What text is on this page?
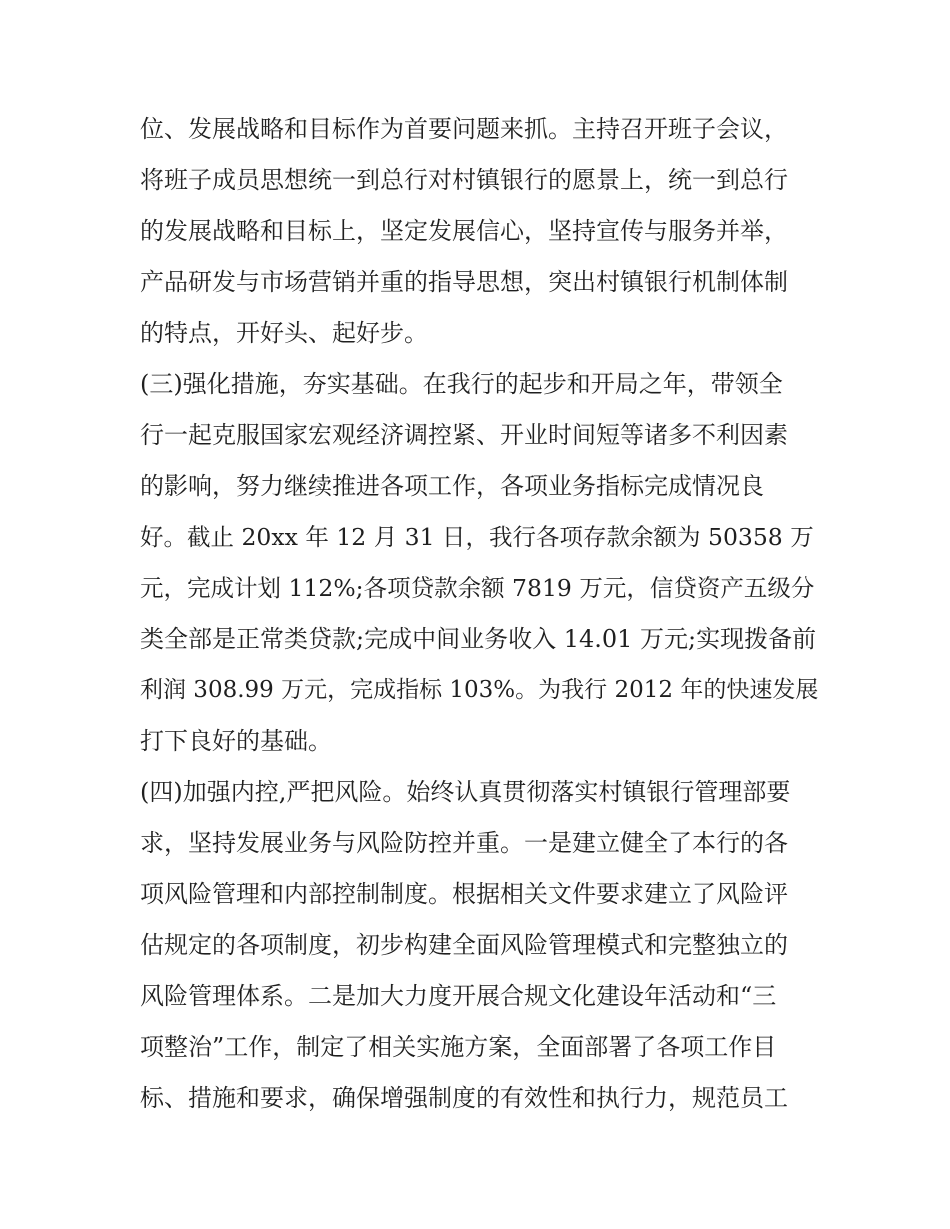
位、发展战略和目标作为首要问题来抓。主持召开班子会议，
将班子成员思想统一到总行对村镇银行的愿景上，统一到总行
的发展战略和目标上，坚定发展信心，坚持宣传与服务并举，
产品研发与市场营销并重的指导思想，突出村镇银行机制体制
的特点，开好头、起好步。
(三)强化措施，夯实基础。在我行的起步和开局之年，带领全
行一起克服国家宏观经济调控紧、开业时间短等诸多不利因素
的影响，努力继续推进各项工作，各项业务指标完成情况良
好。截止 20xx 年 12 月 31 日，我行各项存款余额为 50358 万
元，完成计划 112%;各项贷款余额 7819 万元，信贷资产五级分
类全部是正常类贷款;完成中间业务收入 14.01 万元;实现拨备前
利润 308.99 万元，完成指标 103%。为我行 2012 年的快速发展
打下良好的基础。
(四)加强内控,严把风险。始终认真贯彻落实村镇银行管理部要
求，坚持发展业务与风险防控并重。一是建立健全了本行的各
项风险管理和内部控制制度。根据相关文件要求建立了风险评
估规定的各项制度，初步构建全面风险管理模式和完整独立的
风险管理体系。二是加大力度开展合规文化建设年活动和“三
项整治”工作，制定了相关实施方案，全面部署了各项工作目
标、措施和要求，确保增强制度的有效性和执行力，规范员工
